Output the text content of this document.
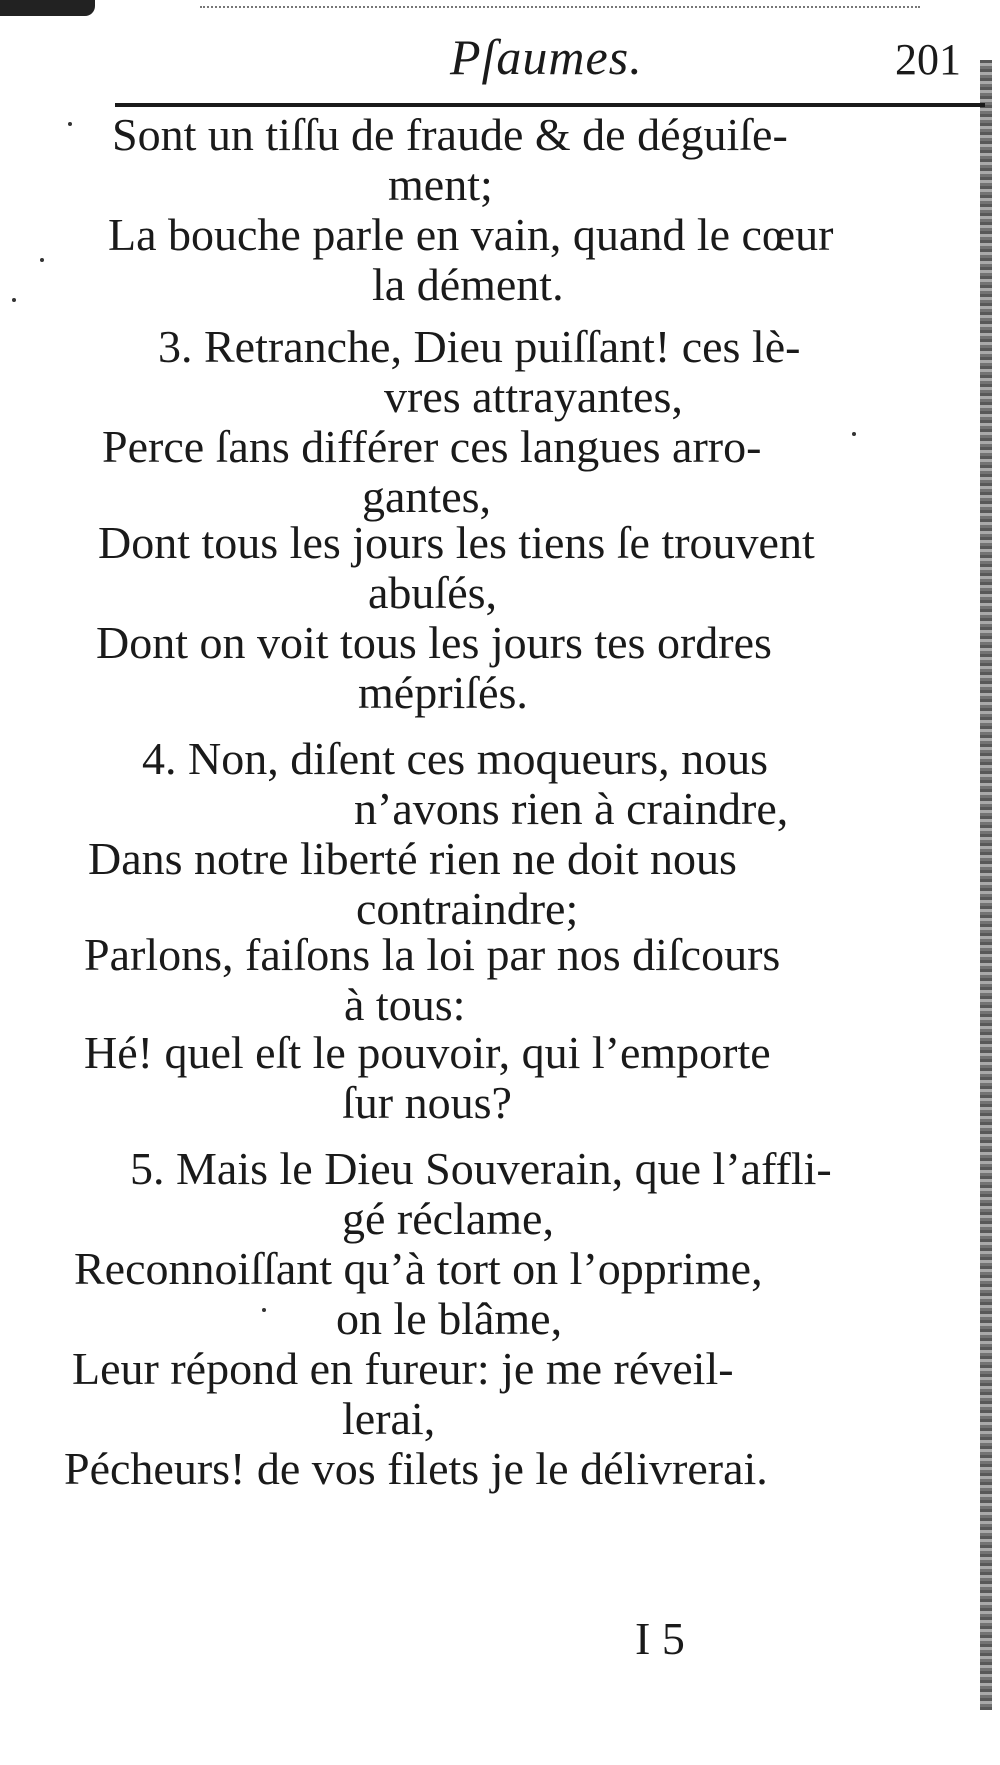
Pſaumes.	201
Sont un tiſſu de fraude & de déguiſe-
ment;
La bouche parle en vain, quand le cœur
la dément.
3. Retranche, Dieu puiſſant! ces lè-
vres attrayantes,
Perce ſans différer ces langues arro-
gantes,
Dont tous les jours les tiens ſe trouvent
abuſés,
Dont on voit tous les jours tes ordres
mépriſés.
4. Non, diſent ces moqueurs, nous
n’avons rien à craindre,
Dans notre liberté rien ne doit nous
contraindre;
Parlons, faiſons la loi par nos diſcours
à tous:
Hé! quel eſt le pouvoir, qui l’emporte
ſur nous?
5. Mais le Dieu Souverain, que l’affli-
gé réclame,
Reconnoiſſant qu’à tort on l’opprime,
on le blâme,
Leur répond en fureur: je me réveil-
lerai,
Pécheurs! de vos filets je le délivrerai.
I 5
